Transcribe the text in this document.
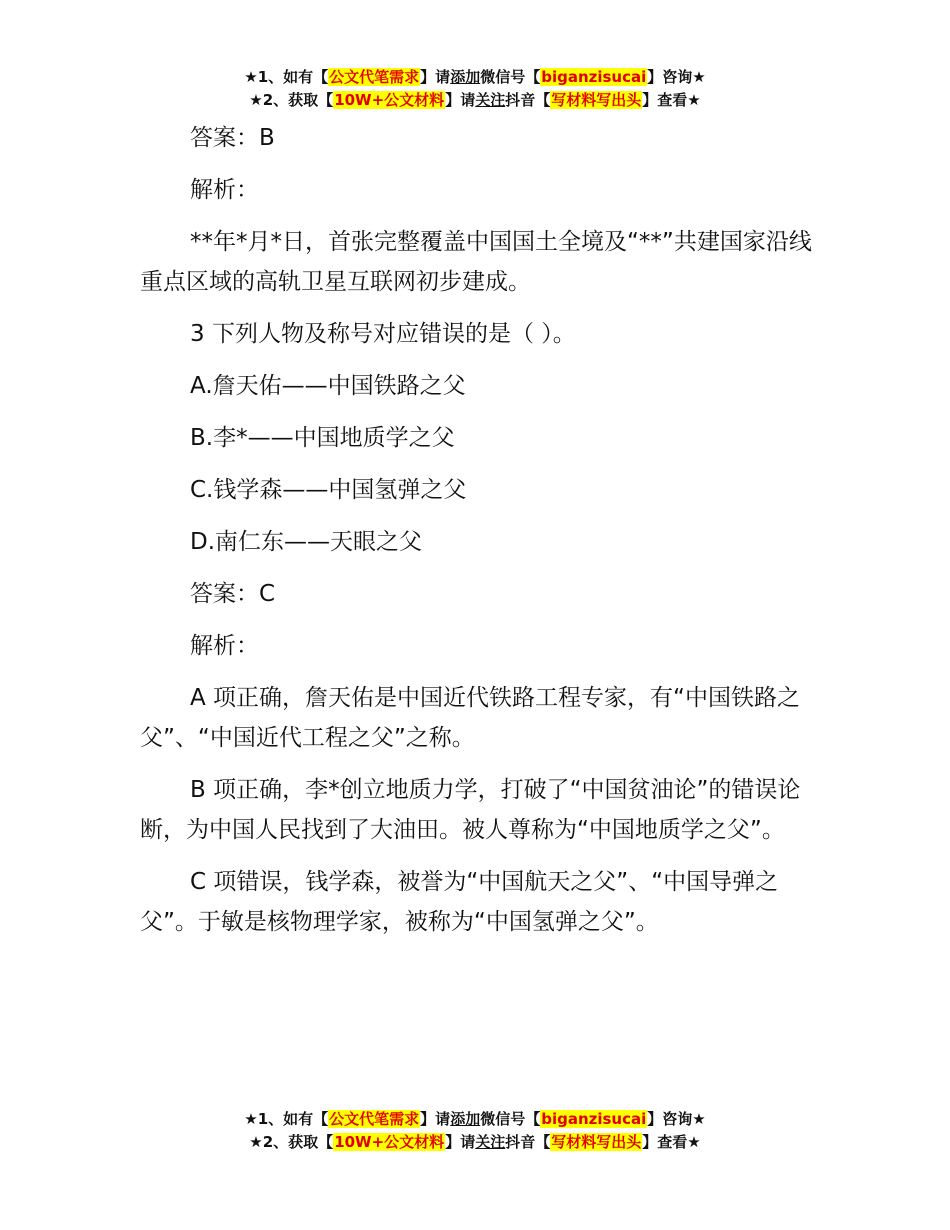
★1、如有【公文代笔需求】请添加微信号【biganzisucai】咨询★
★2、获取【10W+公文材料】请关注抖音【写材料写出头】查看★

答案：B

解析：

**年*月*日，首张完整覆盖中国国土全境及“**”共建国家沿线重点区域的高轨卫星互联网初步建成。

3 下列人物及称号对应错误的是（ ）。

A.詹天佑——中国铁路之父

B.李*——中国地质学之父

C.钱学森——中国氢弹之父

D.南仁东——天眼之父

答案：C

解析：

A 项正确，詹天佑是中国近代铁路工程专家，有“中国铁路之父”、“中国近代工程之父”之称。

B 项正确，李*创立地质力学，打破了“中国贫油论”的错误论断，为中国人民找到了大油田。被人尊称为“中国地质学之父”。

C 项错误，钱学森，被誉为“中国航天之父”、“中国导弹之父”。于敏是核物理学家，被称为“中国氢弹之父”。

★1、如有【公文代笔需求】请添加微信号【biganzisucai】咨询★
★2、获取【10W+公文材料】请关注抖音【写材料写出头】查看★
